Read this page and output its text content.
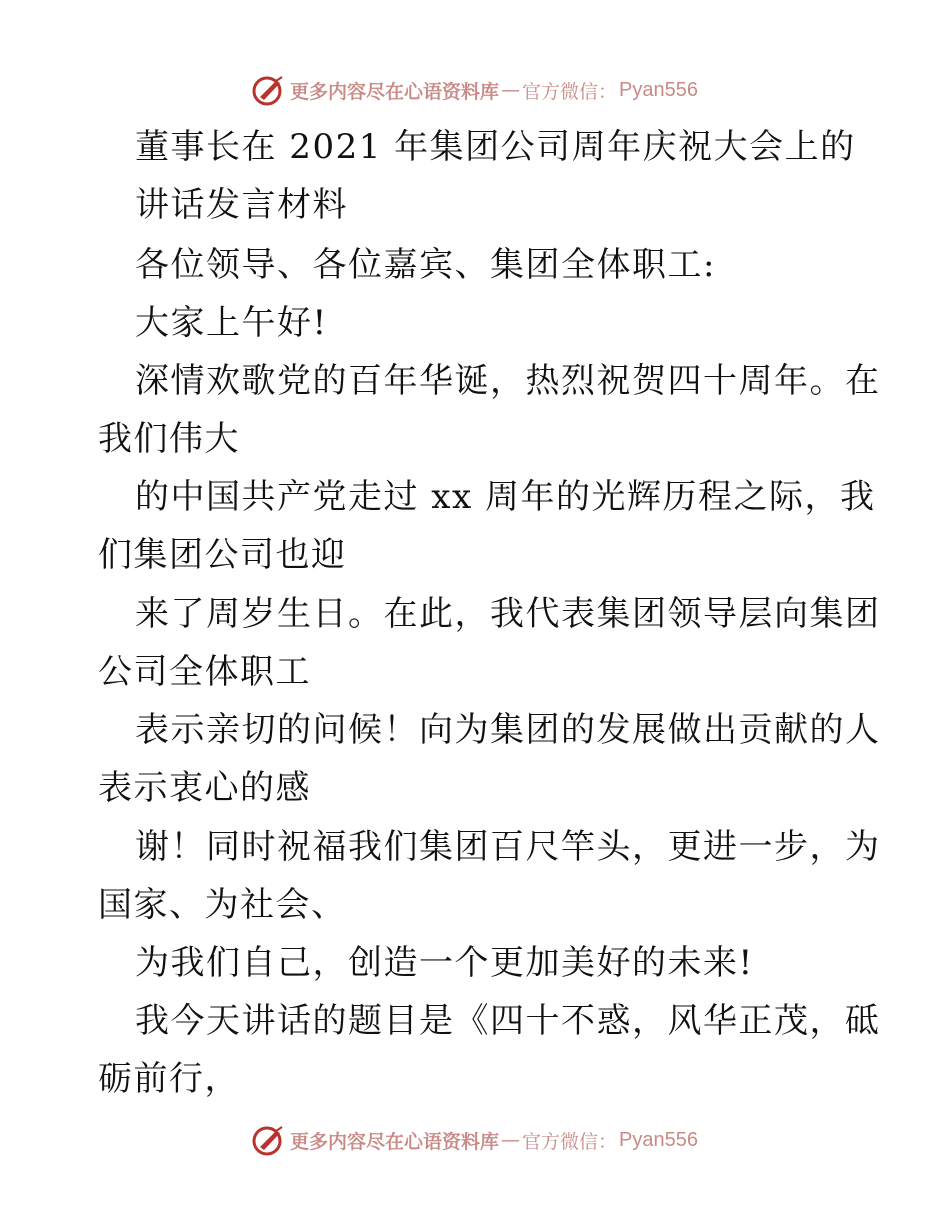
更多内容尽在心语资料库 — 官方微信： Pyan556
董事长在 2021 年集团公司周年庆祝大会上的
讲话发言材料
各位领导、各位嘉宾、集团全体职工:
大家上午好!
深情欢歌党的百年华诞，热烈祝贺四十周年。在
我们伟大
的中国共产党走过 xx 周年的光辉历程之际，我
们集团公司也迎
来了周岁生日。在此，我代表集团领导层向集团
公司全体职工
表示亲切的问候！向为集团的发展做出贡献的人
表示衷心的感
谢！同时祝福我们集团百尺竿头，更进一步，为
国家、为社会、
为我们自己，创造一个更加美好的未来!
我今天讲话的题目是《四十不惑，风华正茂，砥
砺前行，
更多内容尽在心语资料库 — 官方微信： Pyan556
